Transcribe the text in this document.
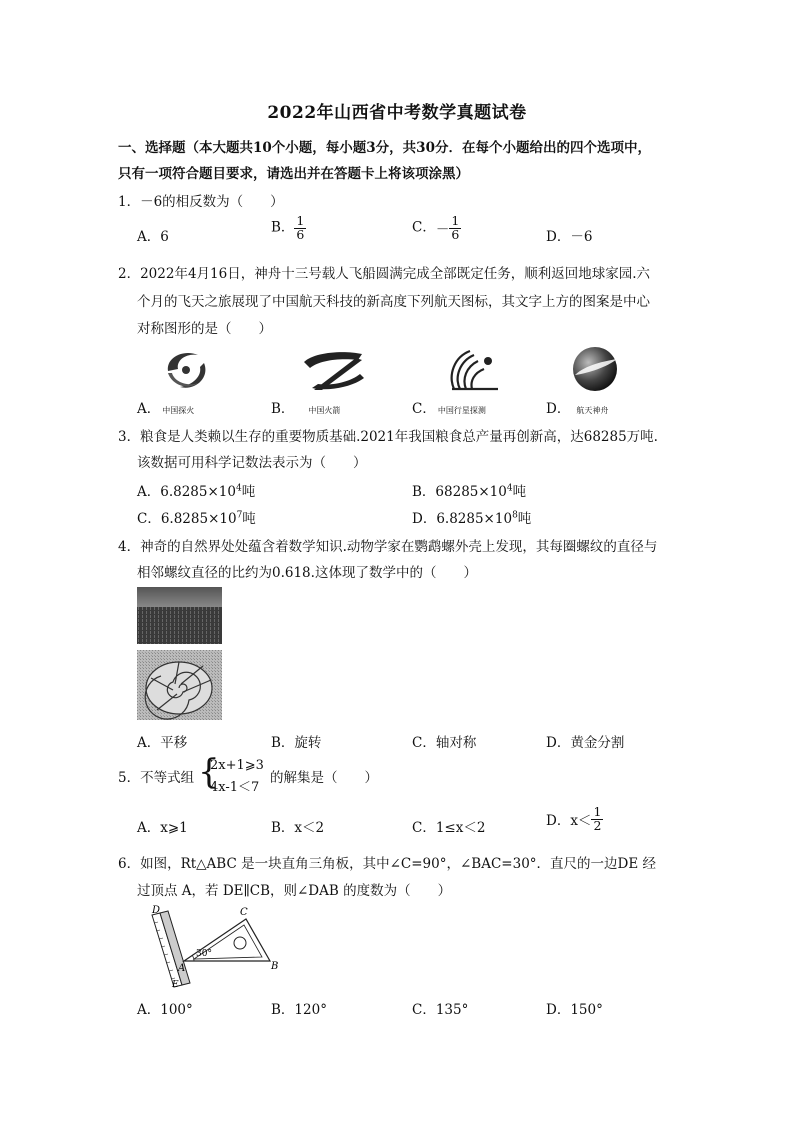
2022年山西省中考数学真题试卷
一、选择题（本大题共10个小题，每小题3分，共30分．在每个小题给出的四个选项中，
只有一项符合题目要求，请选出并在答题卡上将该项涂黑）
1．－6的相反数为（　　）
A．6
B． $\frac{1}{6}$	C．－ $\frac{1}{6}$	D．－6
2．2022年4月16日，神舟十三号载人飞船圆满完成全部既定任务，顺利返回地球家园.六
个月的飞天之旅展现了中国航天科技的新高度下列航天图标，其文字上方的图案是中心
对称图形的是（　　）
A． 中国探火	B． 中国火箭	C． 中国行星探测	D． 航天神舟
3．粮食是人类赖以生存的重要物质基础.2021年我国粮食总产量再创新高，达68285万吨.
该数据可用科学记数法表示为（　　）
A．$6.8285\times 10^4$吨	B．$68285\times 10^4$吨
C．$6.8285\times 10^7$吨	D．$6.8285\times 10^8$吨
4．神奇的自然界处处蕴含着数学知识.动物学家在鹦鹉螺外壳上发现，其每圈螺纹的直径与
相邻螺纹直径的比约为0.618.这体现了数学中的（　　）
A．平移	B．旋转	C．轴对称	D．黄金分割
5．不等式组 {
2x+1⩾3
4x-1＜7
的解集是（　　）
A．x⩾1	B．x＜2	C．1≤x＜2	D．$x< \frac{1}{2}$
6．如图，Rt△ABC 是一块直角三角板，其中∠C=90°，∠BAC=30°．直尺的一边DE 经
过顶点 A，若 DE∥CB，则∠DAB 的度数为（　　）
D	C
A	B
E
30°
A．100°	B．120°	C．135°	D．150°
